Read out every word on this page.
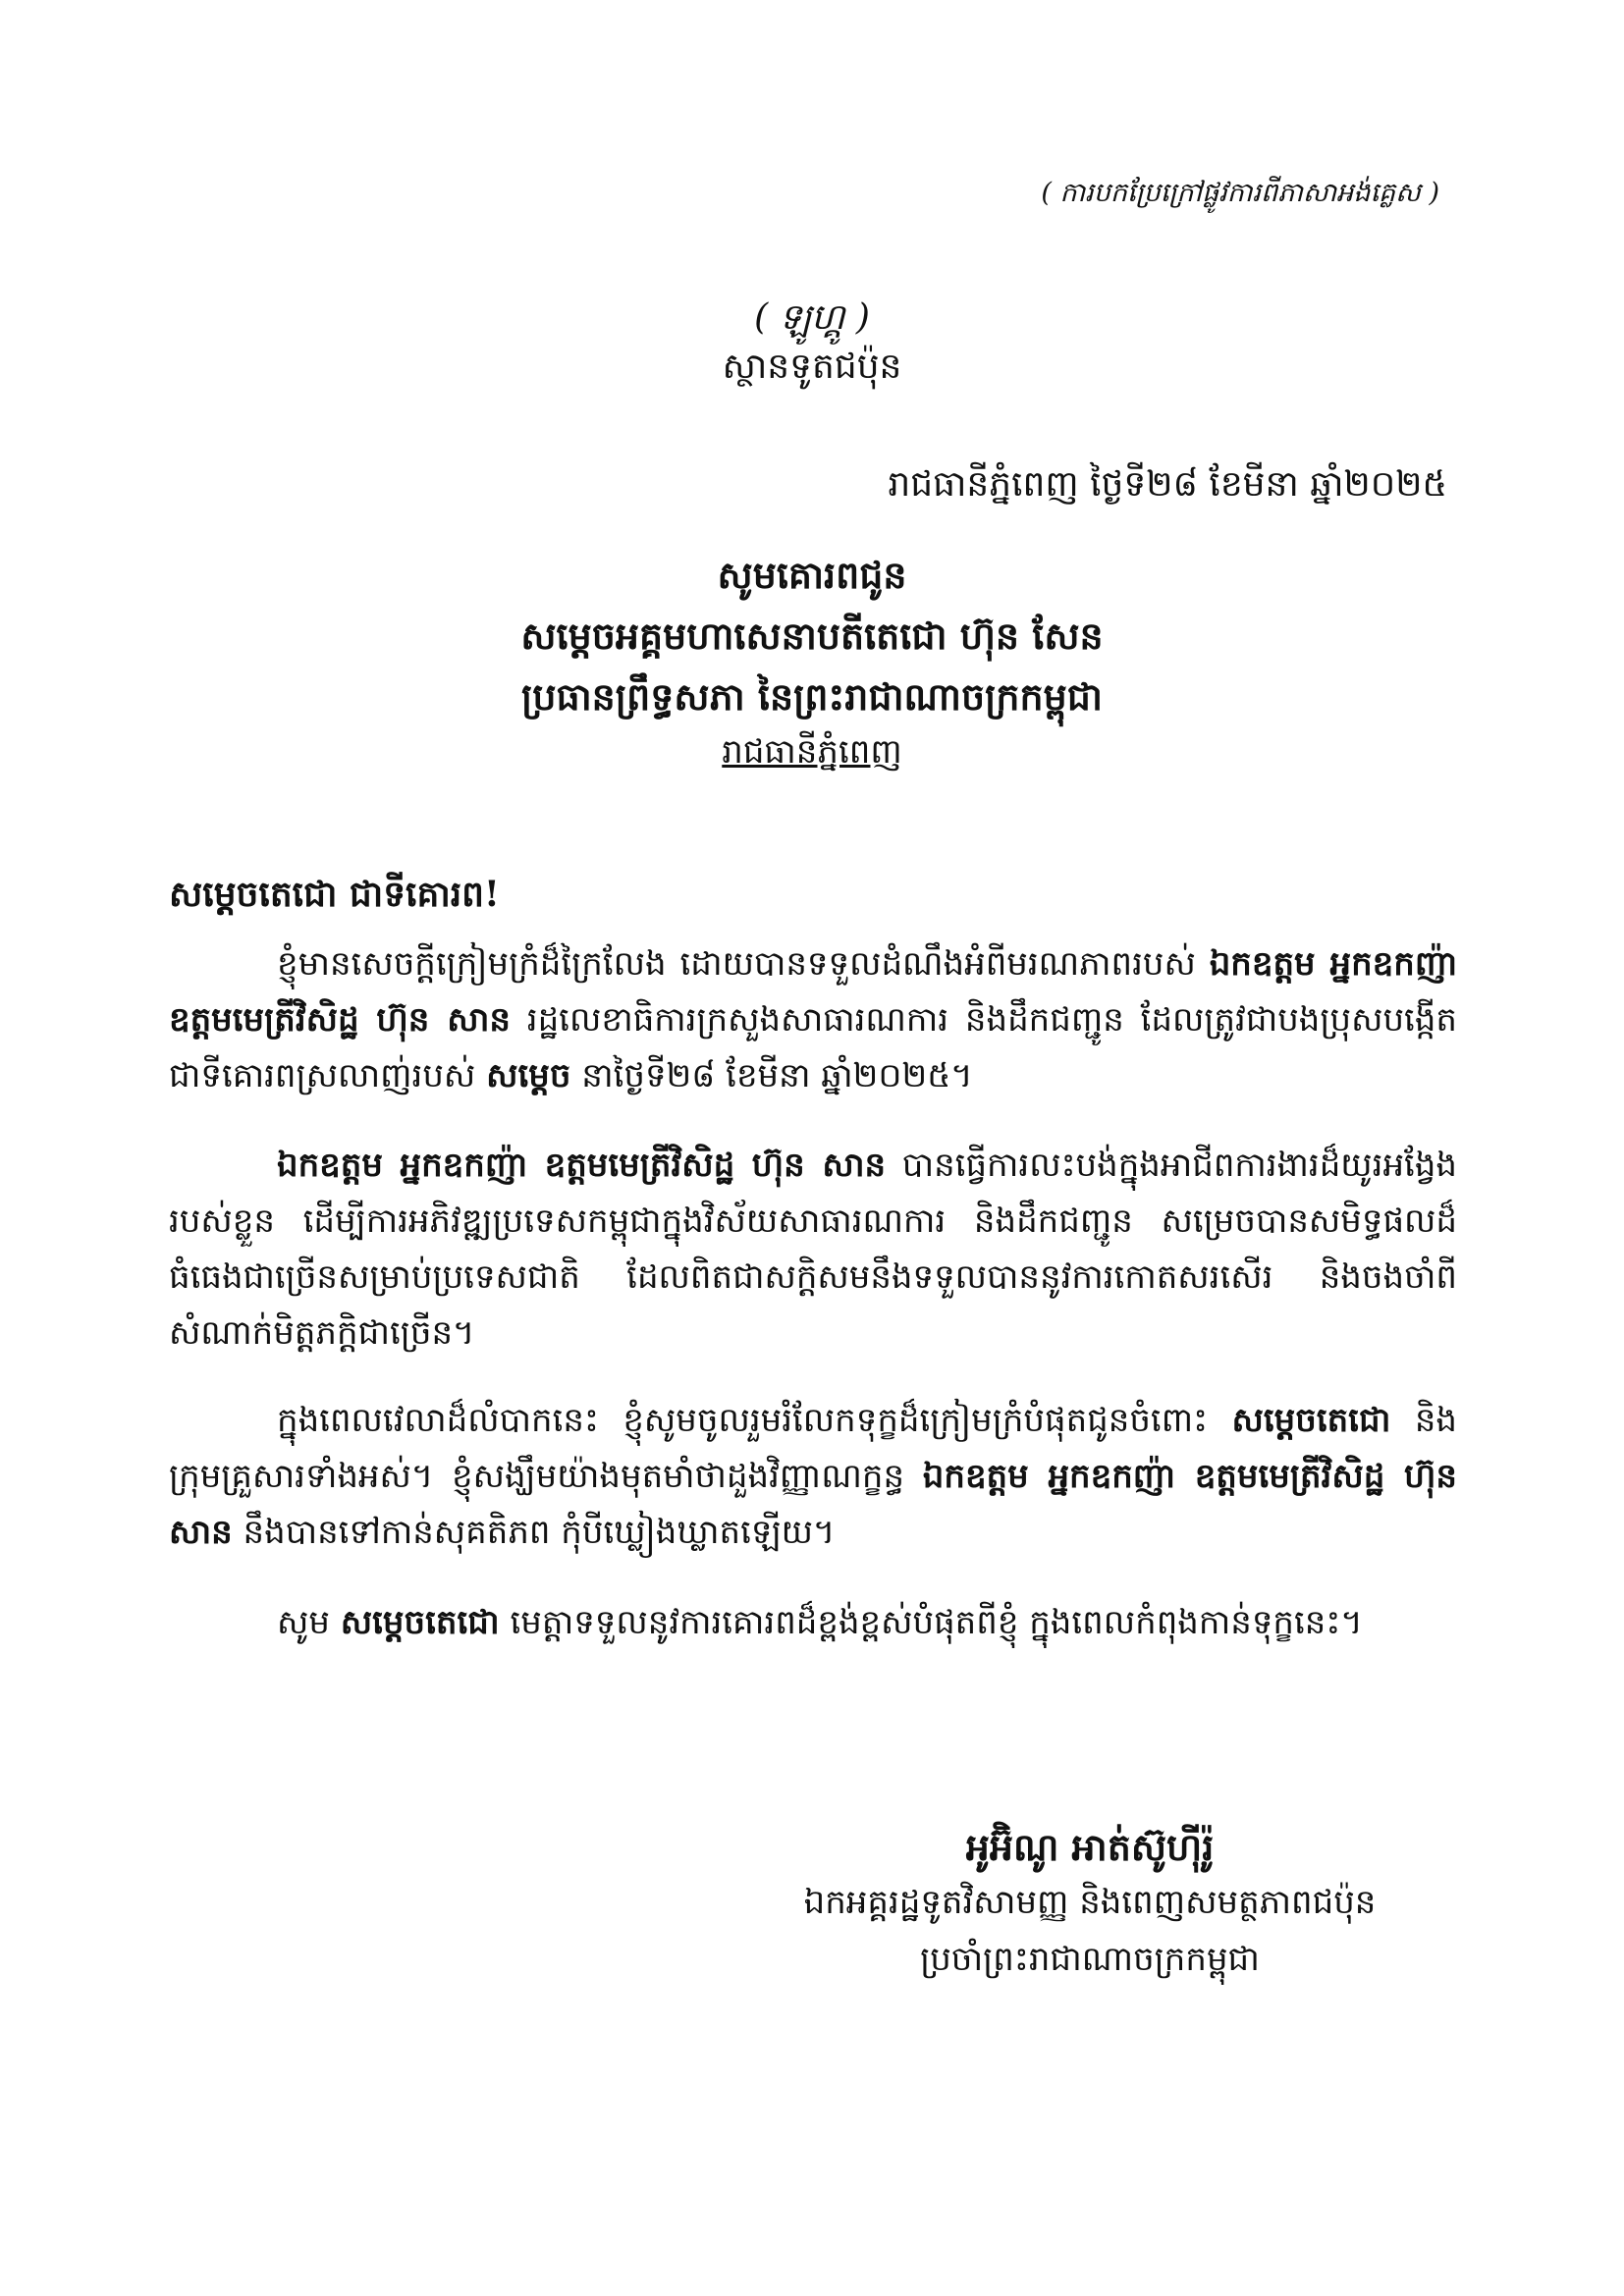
( ការបកប្រែក្រៅផ្លូវការពីភាសាអង់គ្លេស )
( ឡូហ្គូ )
ស្ថានទូតជប៉ុន
រាជធានីភ្នំពេញ ថ្ងៃទី២៨ ខែមីនា ឆ្នាំ២០២៥
សូមគោរពជូន
សម្ដេចអគ្គមហាសេនាបតីតេជោ ហ៊ុន សែន
ប្រធានព្រឹទ្ធសភា នៃព្រះរាជាណាចក្រកម្ពុជា
រាជធានីភ្នំពេញ
សម្ដេចតេជោ ជាទីគោរព!
ខ្ញុំមានសេចក្ដីក្រៀមក្រំដ៏ក្រៃលែង ដោយបានទទួលដំណឹងអំពីមរណភាពរបស់ ឯកឧត្តម អ្នកឧកញ៉ា ឧត្តមមេត្រីវិសិដ្ឋ ហ៊ុន សាន រដ្ឋលេខាធិការក្រសួងសាធារណការ និងដឹកជញ្ជូន ដែលត្រូវជាបងប្រុសបង្កើតជាទីគោរពស្រលាញ់របស់ សម្ដេច នាថ្ងៃទី២៨ ខែមីនា ឆ្នាំ២០២៥។
ឯកឧត្តម អ្នកឧកញ៉ា ឧត្តមមេត្រីវិសិដ្ឋ ហ៊ុន សាន បានធ្វើការលះបង់ក្នុងអាជីពការងារដ៏យូរអង្វែងរបស់ខ្លួន ដើម្បីការអភិវឌ្ឍប្រទេសកម្ពុជាក្នុងវិស័យសាធារណការ និងដឹកជញ្ជូន សម្រេចបានសមិទ្ធផលដ៏ធំធេងជាច្រើនសម្រាប់ប្រទេសជាតិ ដែលពិតជាសក្ដិសមនឹងទទួលបាននូវការកោតសរសើរ និងចងចាំពីសំណាក់មិត្តភក្ដិជាច្រើន។
ក្នុងពេលវេលាដ៏លំបាកនេះ ខ្ញុំសូមចូលរួមរំលែកទុក្ខដ៏ក្រៀមក្រំបំផុតជូនចំពោះ សម្ដេចតេជោ និងក្រុមគ្រួសារទាំងអស់។ ខ្ញុំសង្ឃឹមយ៉ាងមុតមាំថាដួងវិញ្ញាណក្ខន្ធ ឯកឧត្តម អ្នកឧកញ៉ា ឧត្តមមេត្រីវិសិដ្ឋ ហ៊ុន សាន នឹងបានទៅកាន់សុគតិភព កុំបីឃ្លៀងឃ្លាតឡើយ។
សូម សម្ដេចតេជោ មេត្តាទទួលនូវការគោរពដ៏ខ្ពង់ខ្ពស់បំផុតពីខ្ញុំ ក្នុងពេលកំពុងកាន់ទុក្ខនេះ។
អូអ៊ិណូ អាត់ស៊ូហ៊ីរ៉ូ
ឯកអគ្គរដ្ឋទូតវិសាមញ្ញ និងពេញសមត្ថភាពជប៉ុន
ប្រចាំព្រះរាជាណាចក្រកម្ពុជា
